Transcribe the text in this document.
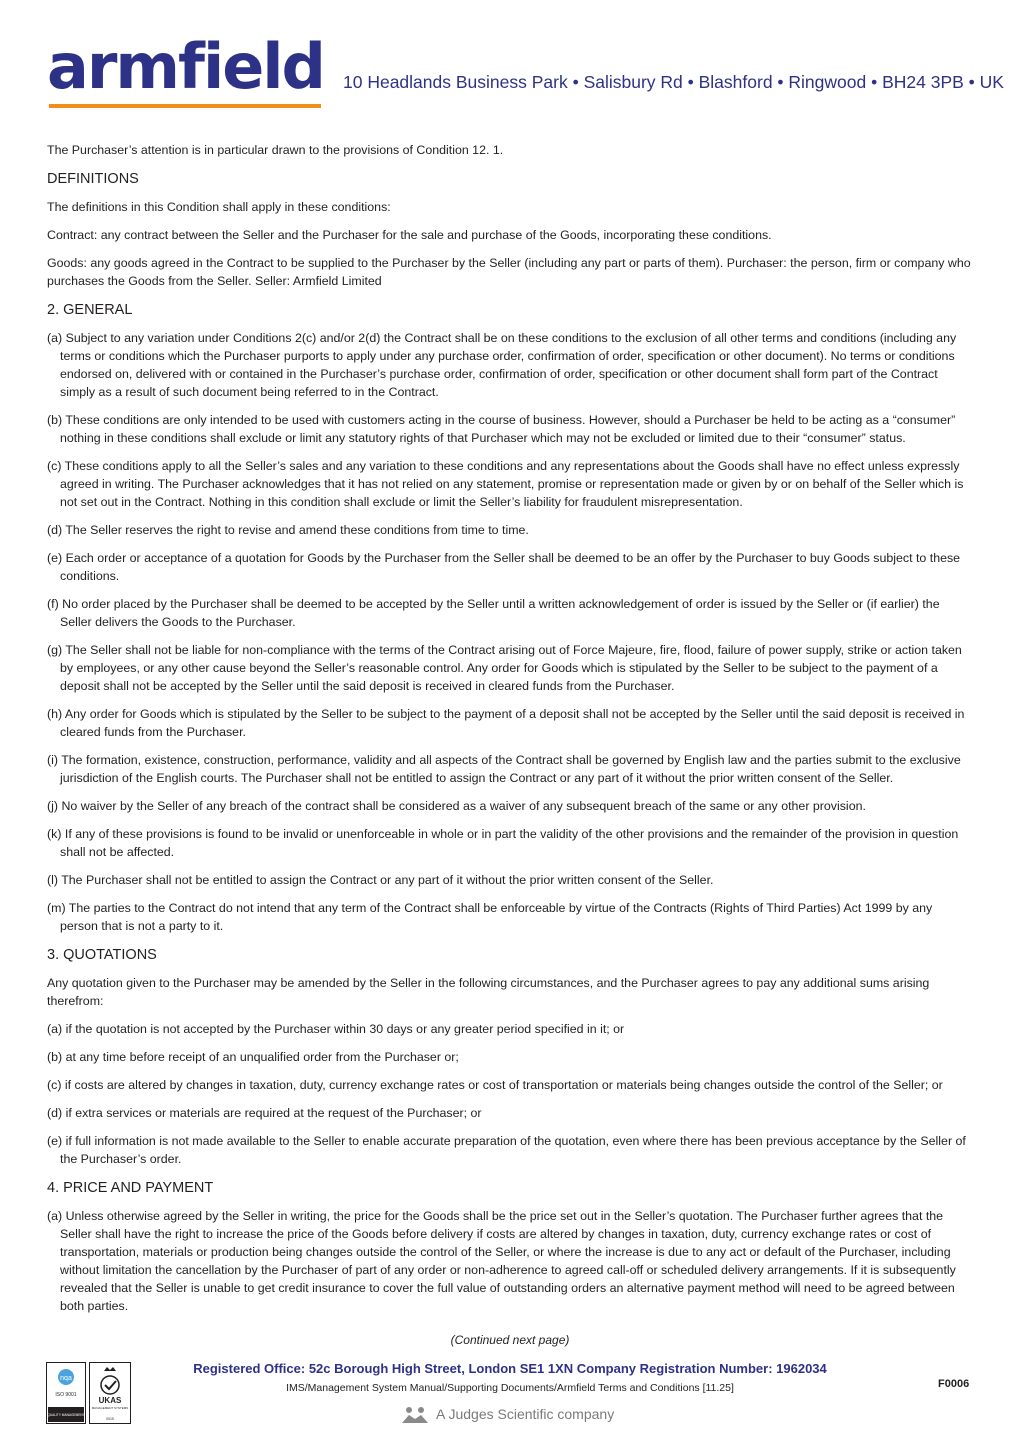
armfield 10 Headlands Business Park • Salisbury Rd • Blashford • Ringwood • BH24 3PB • UK

The Purchaser’s attention is in particular drawn to the provisions of Condition 12. 1.

DEFINITIONS

The definitions in this Condition shall apply in these conditions:

Contract: any contract between the Seller and the Purchaser for the sale and purchase of the Goods, incorporating these conditions.

Goods: any goods agreed in the Contract to be supplied to the Purchaser by the Seller (including any part or parts of them). Purchaser: the person, firm or company who purchases the Goods from the Seller. Seller: Armfield Limited

2. GENERAL

(a) Subject to any variation under Conditions 2(c) and/or 2(d) the Contract shall be on these conditions to the exclusion of all other terms and conditions (including any terms or conditions which the Purchaser purports to apply under any purchase order, confirmation of order, specification or other document). No terms or conditions endorsed on, delivered with or contained in the Purchaser’s purchase order, confirmation of order, specification or other document shall form part of the Contract simply as a result of such document being referred to in the Contract.

(b) These conditions are only intended to be used with customers acting in the course of business. However, should a Purchaser be held to be acting as a “consumer” nothing in these conditions shall exclude or limit any statutory rights of that Purchaser which may not be excluded or limited due to their “consumer” status.

(c) These conditions apply to all the Seller’s sales and any variation to these conditions and any representations about the Goods shall have no effect unless expressly agreed in writing. The Purchaser acknowledges that it has not relied on any statement, promise or representation made or given by or on behalf of the Seller which is not set out in the Contract. Nothing in this condition shall exclude or limit the Seller’s liability for fraudulent misrepresentation.

(d) The Seller reserves the right to revise and amend these conditions from time to time.

(e) Each order or acceptance of a quotation for Goods by the Purchaser from the Seller shall be deemed to be an offer by the Purchaser to buy Goods subject to these conditions.

(f) No order placed by the Purchaser shall be deemed to be accepted by the Seller until a written acknowledgement of order is issued by the Seller or (if earlier) the Seller delivers the Goods to the Purchaser.

(g) The Seller shall not be liable for non-compliance with the terms of the Contract arising out of Force Majeure, fire, flood, failure of power supply, strike or action taken by employees, or any other cause beyond the Seller’s reasonable control. Any order for Goods which is stipulated by the Seller to be subject to the payment of a deposit shall not be accepted by the Seller until the said deposit is received in cleared funds from the Purchaser.

(h) Any order for Goods which is stipulated by the Seller to be subject to the payment of a deposit shall not be accepted by the Seller until the said deposit is received in cleared funds from the Purchaser.

(i) The formation, existence, construction, performance, validity and all aspects of the Contract shall be governed by English law and the parties submit to the exclusive jurisdiction of the English courts. The Purchaser shall not be entitled to assign the Contract or any part of it without the prior written consent of the Seller.

(j) No waiver by the Seller of any breach of the contract shall be considered as a waiver of any subsequent breach of the same or any other provision.

(k) If any of these provisions is found to be invalid or unenforceable in whole or in part the validity of the other provisions and the remainder of the provision in question shall not be affected.

(l) The Purchaser shall not be entitled to assign the Contract or any part of it without the prior written consent of the Seller.

(m) The parties to the Contract do not intend that any term of the Contract shall be enforceable by virtue of the Contracts (Rights of Third Parties) Act 1999 by any person that is not a party to it.

3. QUOTATIONS

Any quotation given to the Purchaser may be amended by the Seller in the following circumstances, and the Purchaser agrees to pay any additional sums arising therefrom:

(a) if the quotation is not accepted by the Purchaser within 30 days or any greater period specified in it; or

(b) at any time before receipt of an unqualified order from the Purchaser or;

(c) if costs are altered by changes in taxation, duty, currency exchange rates or cost of transportation or materials being changes outside the control of the Seller; or

(d) if extra services or materials are required at the request of the Purchaser; or

(e) if full information is not made available to the Seller to enable accurate preparation of the quotation, even where there has been previous acceptance by the Seller of the Purchaser’s order.

4. PRICE AND PAYMENT

(a) Unless otherwise agreed by the Seller in writing, the price for the Goods shall be the price set out in the Seller’s quotation. The Purchaser further agrees that the Seller shall have the right to increase the price of the Goods before delivery if costs are altered by changes in taxation, duty, currency exchange rates or cost of transportation, materials or production being changes outside the control of the Seller, or where the increase is due to any act or default of the Purchaser, including without limitation the cancellation by the Purchaser of part of any order or non-adherence to agreed call-off or scheduled delivery arrangements. If it is subsequently revealed that the Seller is unable to get credit insurance to cover the full value of outstanding orders an alternative payment method will need to be agreed between both parties.

(Continued next page)
nqa
ISO 9001
QUALITY MANAGEMENT
UKAS
MANAGEMENT SYSTEMS
0015
Registered Office: 52c Borough High Street, London SE1 1XN Company Registration Number: 1962034
IMS/Management System Manual/Supporting Documents/Armfield Terms and Conditions [11.25]	F0006
A Judges Scientific company
